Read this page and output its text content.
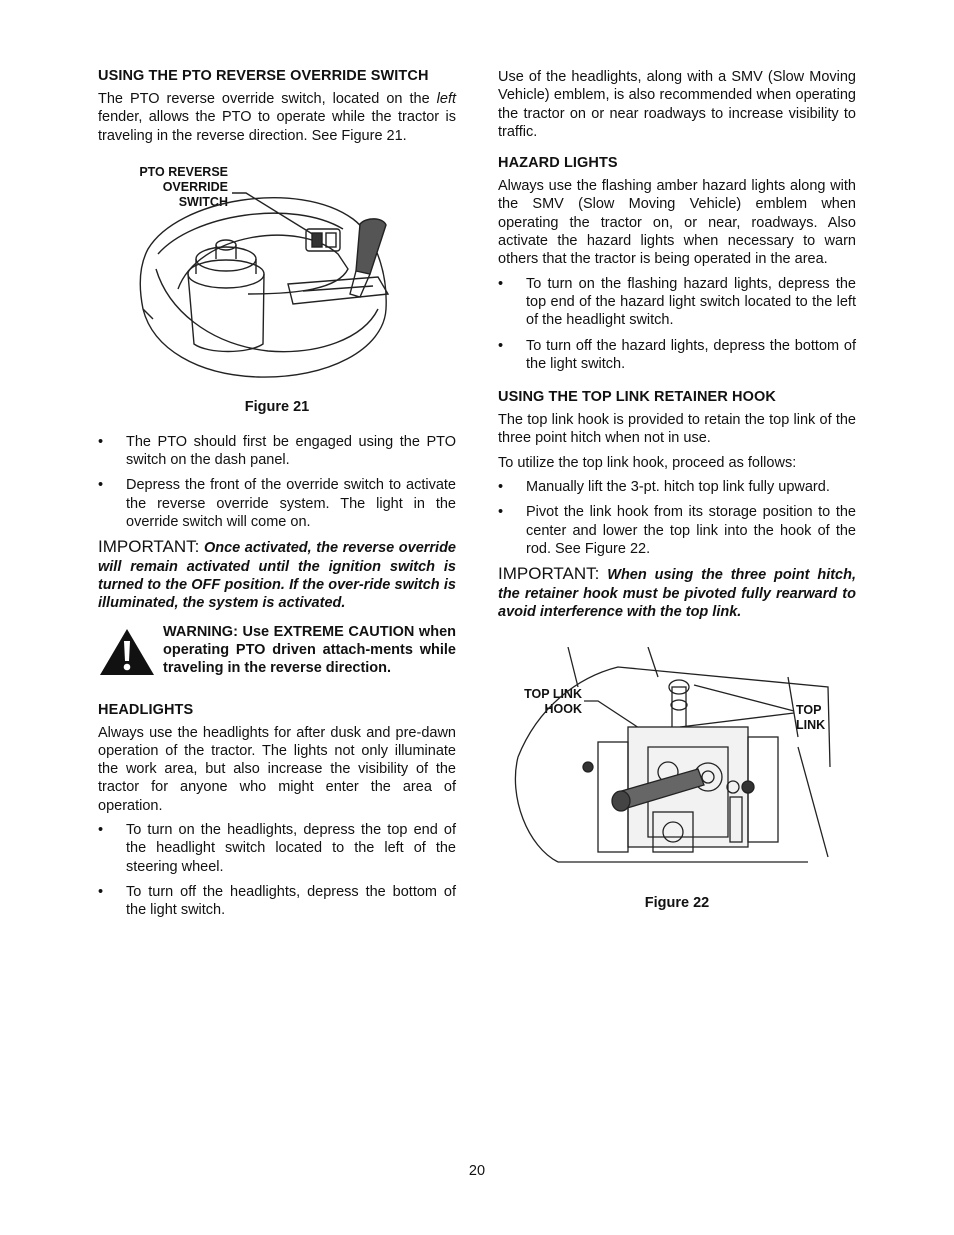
USING THE PTO REVERSE OVERRIDE SWITCH

The PTO reverse override switch, located on the left fender, allows the PTO to operate while the tractor is traveling in the reverse direction. See Figure 21.

PTO REVERSE OVERRIDE SWITCH
Figure 21
• The PTO should first be engaged using the PTO switch on the dash panel.
• Depress the front of the override switch to activate the reverse override system. The light in the override switch will come on.
IMPORTANT: Once activated, the reverse override will remain activated until the ignition switch is turned to the OFF position. If the over-ride switch is illuminated, the system is activated.
WARNING: Use EXTREME CAUTION when operating PTO driven attach-ments while traveling in the reverse direction.
HEADLIGHTS

Always use the headlights for after dusk and pre-dawn operation of the tractor. The lights not only illuminate the work area, but also increase the visibility of the tractor for anyone who might enter the area of operation.

• To turn on the headlights, depress the top end of the headlight switch located to the left of the steering wheel.
• To turn off the headlights, depress the bottom of the light switch.

Use of the headlights, along with a SMV (Slow Moving Vehicle) emblem, is also recommended when operating the tractor on or near roadways to increase visibility to traffic.

HAZARD LIGHTS

Always use the flashing amber hazard lights along with the SMV (Slow Moving Vehicle) emblem when operating the tractor on, or near, roadways. Also activate the hazard lights when necessary to warn others that the tractor is being operated in the area.

• To turn on the flashing hazard lights, depress the top end of the hazard light switch located to the left of the headlight switch.
• To turn off the hazard lights, depress the bottom of the light switch.
USING THE TOP LINK RETAINER HOOK

The top link hook is provided to retain the top link of the three point hitch when not in use.

To utilize the top link hook, proceed as follows:

• Manually lift the 3-pt. hitch top link fully upward.
• Pivot the link hook from its storage position to the center and lower the top link into the hook of the rod. See Figure 22.
IMPORTANT: When using the three point hitch, the retainer hook must be pivoted fully rearward to avoid interference with the top link.
TOP LINK HOOK	TOP LINK
Figure 22
20
